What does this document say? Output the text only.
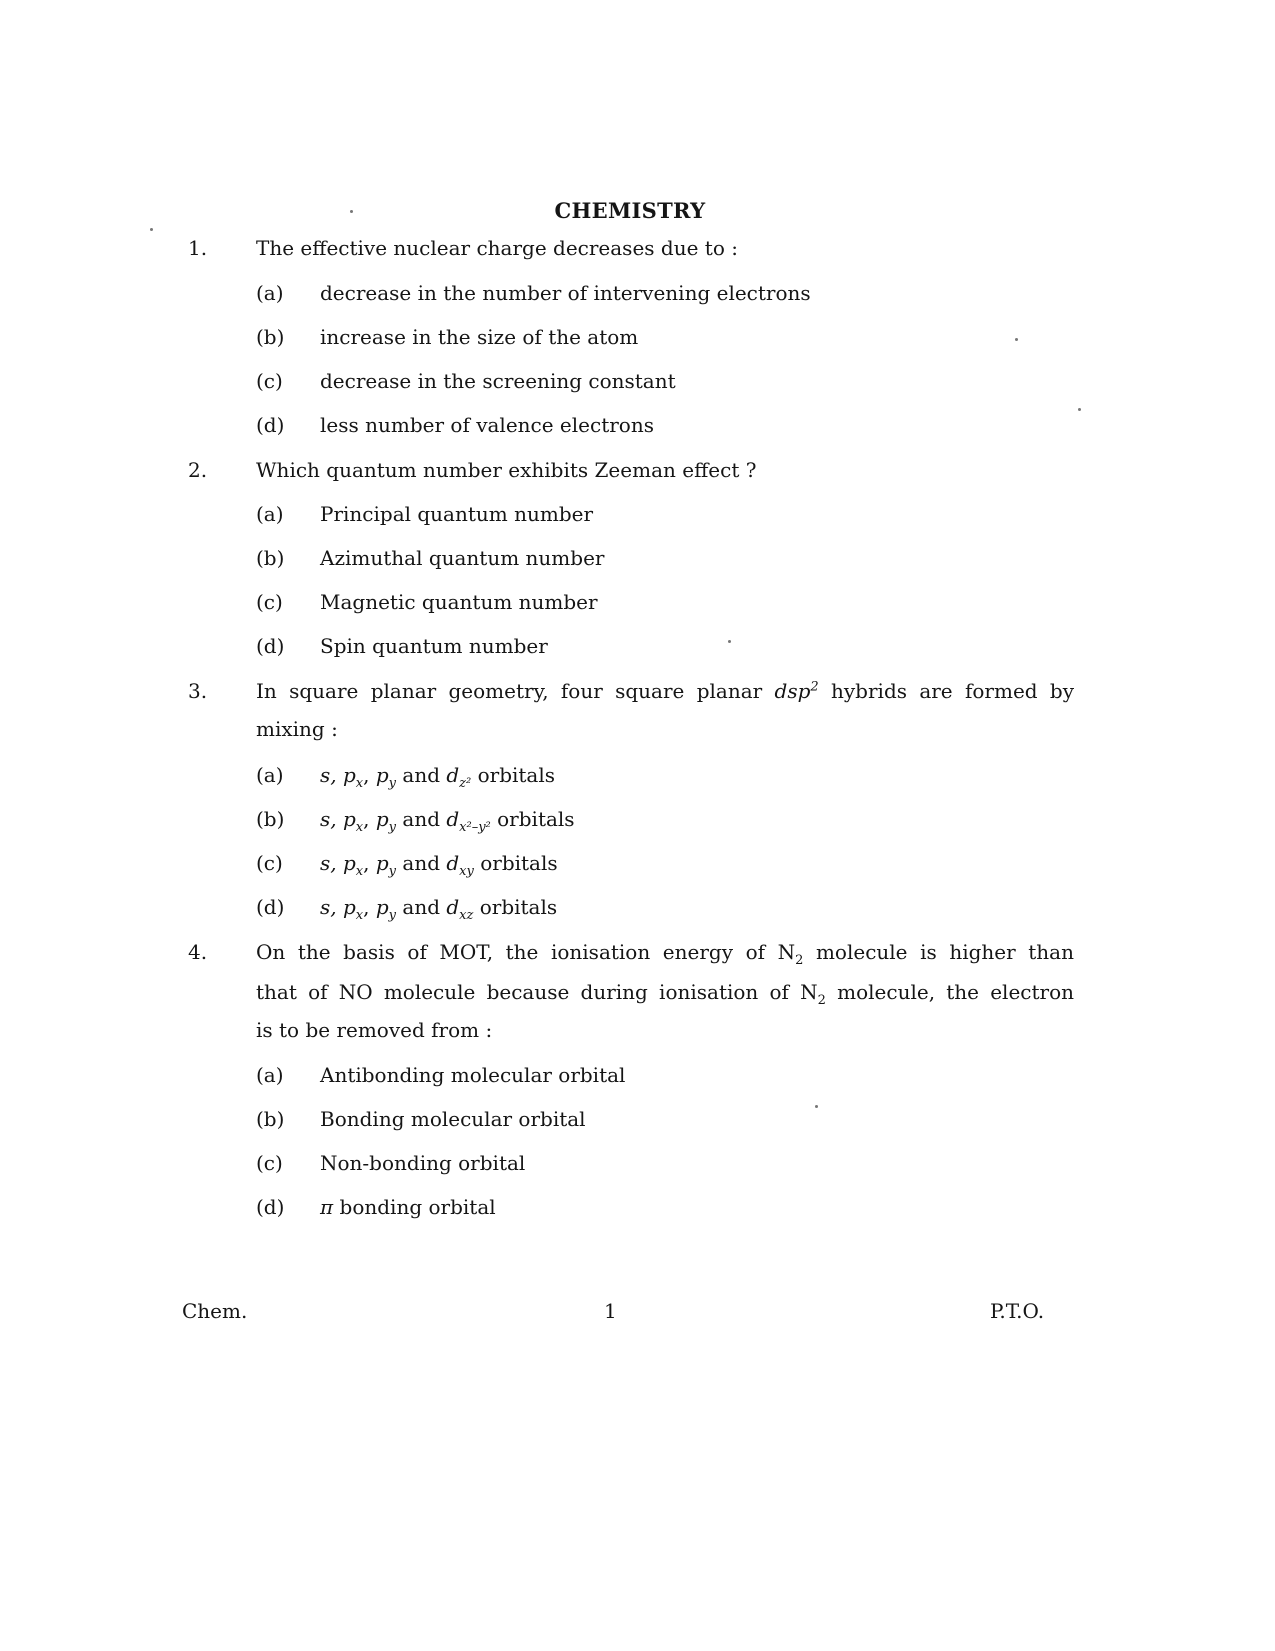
CHEMISTRY
1. The effective nuclear charge decreases due to :
(a) decrease in the number of intervening electrons
(b) increase in the size of the atom
(c) decrease in the screening constant
(d) less number of valence electrons
2. Which quantum number exhibits Zeeman effect ?
(a) Principal quantum number
(b) Azimuthal quantum number
(c) Magnetic quantum number
(d) Spin quantum number
3. In square planar geometry, four square planar dsp$^2$ hybrids are formed by
mixing :
(a) s, $p_x$, $p_y$ and $d_{z^2}$ orbitals
(b) s, $p_x$, $p_y$ and $d_{x^2-y^2}$ orbitals
(c) s, $p_x$, $p_y$ and $d_{xy}$ orbitals
(d) s, $p_x$, $p_y$ and $d_{xz}$ orbitals
4. On the basis of MOT, the ionisation energy of $N_2$ molecule is higher than
that of NO molecule because during ionisation of $N_2$ molecule, the electron
is to be removed from :
(a) Antibonding molecular orbital
(b) Bonding molecular orbital
(c) Non-bonding orbital
(d) π bonding orbital
Chem.	1	P.T.O.
